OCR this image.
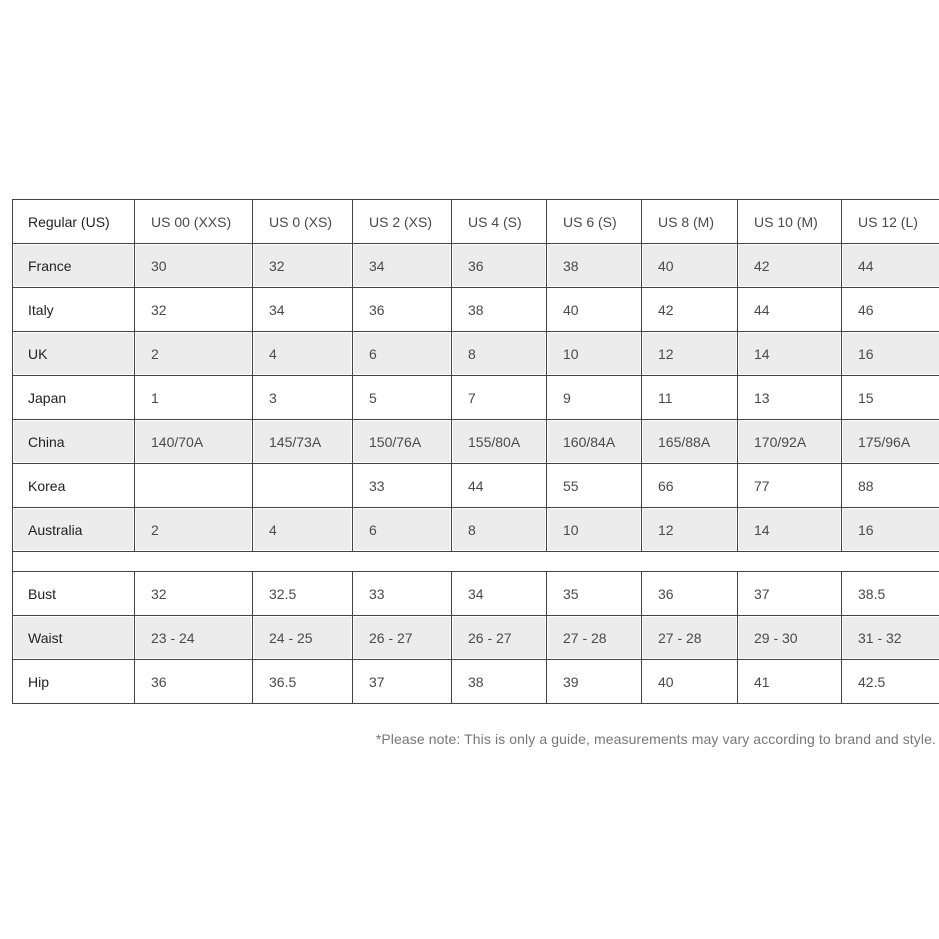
Regular (US)	US 00 (XXS)	US 0 (XS)	US 2 (XS)	US 4 (S)	US 6 (S)	US 8 (M)	US 10 (M)	US 12 (L)
France	30	32	34	36	38	40	42	44
Italy	32	34	36	38	40	42	44	46
UK	2	4	6	8	10	12	14	16
Japan	1	3	5	7	9	11	13	15
China	140/70A	145/73A	150/76A	155/80A	160/84A	165/88A	170/92A	175/96A
Korea			33	44	55	66	77	88
Australia	2	4	6	8	10	12	14	16

Bust	32	32.5	33	34	35	36	37	38.5
Waist	23 - 24	24 - 25	26 - 27	26 - 27	27 - 28	27 - 28	29 - 30	31 - 32
Hip	36	36.5	37	38	39	40	41	42.5
*Please note: This is only a guide, measurements may vary according to brand and style.
